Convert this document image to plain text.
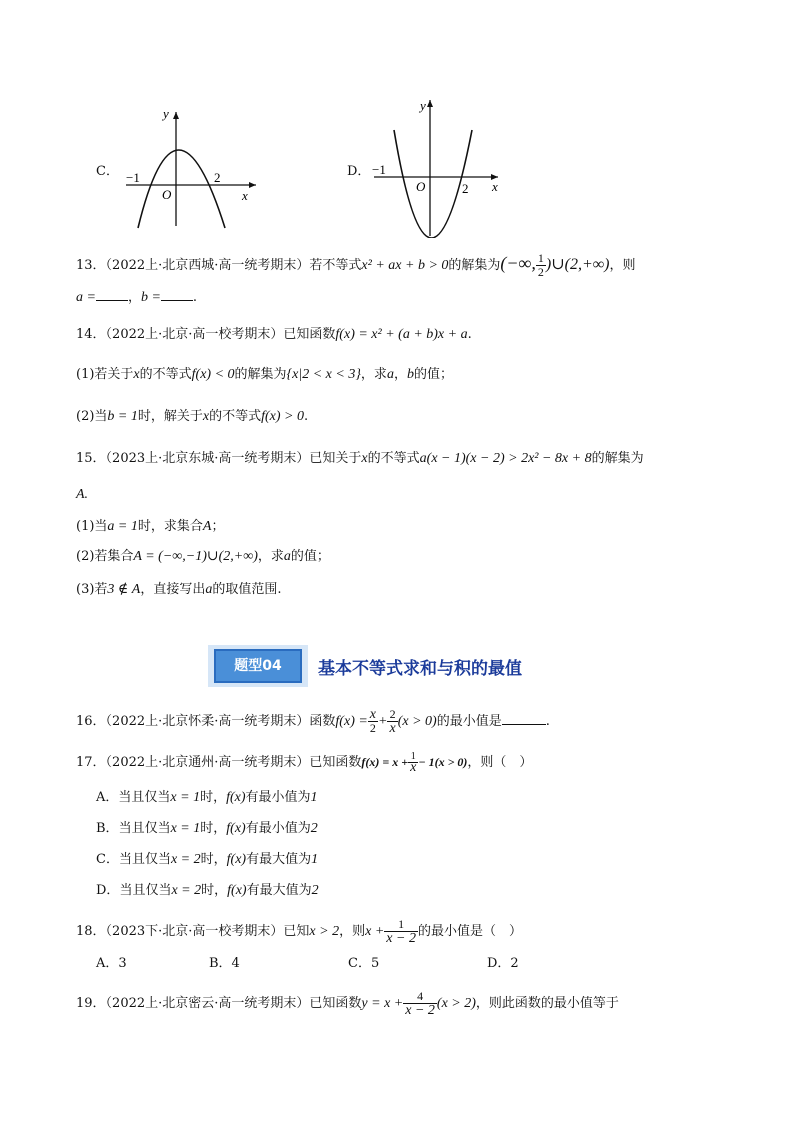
C．
y
x
O
−1	2	D．
y
x
O
−1
2
13．（2022上·北京西城·高一统考期末）若不等式x² + ax + b > 0的解集为(−∞, $\frac{1}{2}$ )∪(2,+∞)，则
a = ，b = .
14．（2022上·北京·高一校考期末）已知函数f(x) = x² + (a + b)x + a.
(1)若关于x的不等式f(x) < 0的解集为{x|2 < x < 3}，求a，b的值；
(2)当b = 1时，解关于x的不等式f(x) > 0.
15．（2023上·北京东城·高一统考期末）已知关于x的不等式a(x − 1)(x − 2) > 2x² − 8x + 8的解集为
A.
(1)当a = 1时，求集合A；
(2)若集合A = (−∞,−1)∪(2,+∞)，求a的值；
(3)若3 ∉ A，直接写出a的取值范围.
题型04	基本不等式求和与积的最值
16．（2022上·北京怀柔·高一统考期末）函数$f(x) = \frac{x}{2} + \frac{2}{x} (x > 0)$的最小值是	.
17．（2022上·北京通州·高一统考期末）已知函数$f(x) = x + \frac{1}{x} - 1(x > 0)$，则（　）
A．当且仅当x = 1时，f(x)有最小值为1
B．当且仅当x = 1时，f(x)有最小值为2
C．当且仅当x = 2时，f(x)有最大值为1
D．当且仅当x = 2时，f(x)有最大值为2
18．（2023下·北京·高一校考期末）已知x > 2，则$x + \frac{1}{x - 2}$ 的最小值是（　）
A．3	B．4	C．5	D．2
19．（2022上·北京密云·高一统考期末）已知函数$y = x + \frac{4}{x - 2} (x > 2)$，则此函数的最小值等于
